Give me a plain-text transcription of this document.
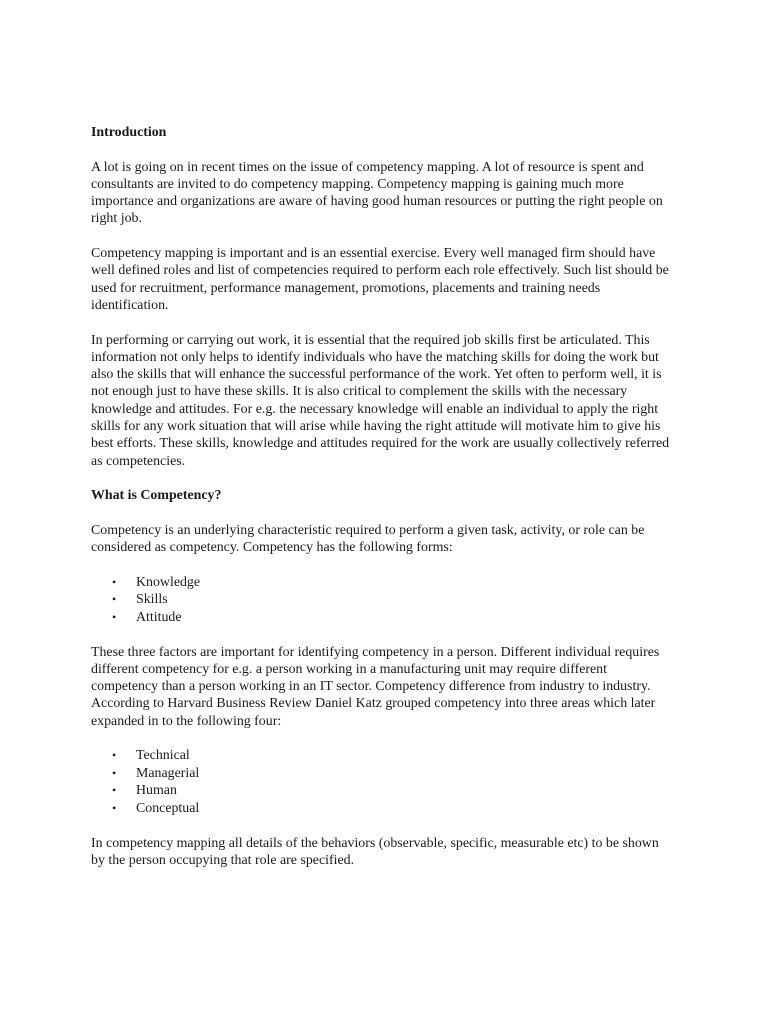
Introduction

A lot is going on in recent times on the issue of competency mapping. A lot of resource is spent and consultants are invited to do competency mapping. Competency mapping is gaining much more importance and organizations are aware of having good human resources or putting the right people on right job.

Competency mapping is important and is an essential exercise. Every well managed firm should have well defined roles and list of competencies required to perform each role effectively. Such list should be used for recruitment, performance management, promotions, placements and training needs identification.

In performing or carrying out work, it is essential that the required job skills first be articulated. This information not only helps to identify individuals who have the matching skills for doing the work but also the skills that will enhance the successful performance of the work. Yet often to perform well, it is not enough just to have these skills. It is also critical to complement the skills with the necessary knowledge and attitudes. For e.g. the necessary knowledge will enable an individual to apply the right skills for any work situation that will arise while having the right attitude will motivate him to give his best efforts. These skills, knowledge and attitudes required for the work are usually collectively referred as competencies.

What is Competency?

Competency is an underlying characteristic required to perform a given task, activity, or role can be considered as competency. Competency has the following forms:

• Knowledge
• Skills
• Attitude

These three factors are important for identifying competency in a person. Different individual requires different competency for e.g. a person working in a manufacturing unit may require different competency than a person working in an IT sector. Competency difference from industry to industry. According to Harvard Business Review Daniel Katz grouped competency into three areas which later expanded in to the following four:

• Technical
• Managerial
• Human
• Conceptual

In competency mapping all details of the behaviors (observable, specific, measurable etc) to be shown by the person occupying that role are specified.
